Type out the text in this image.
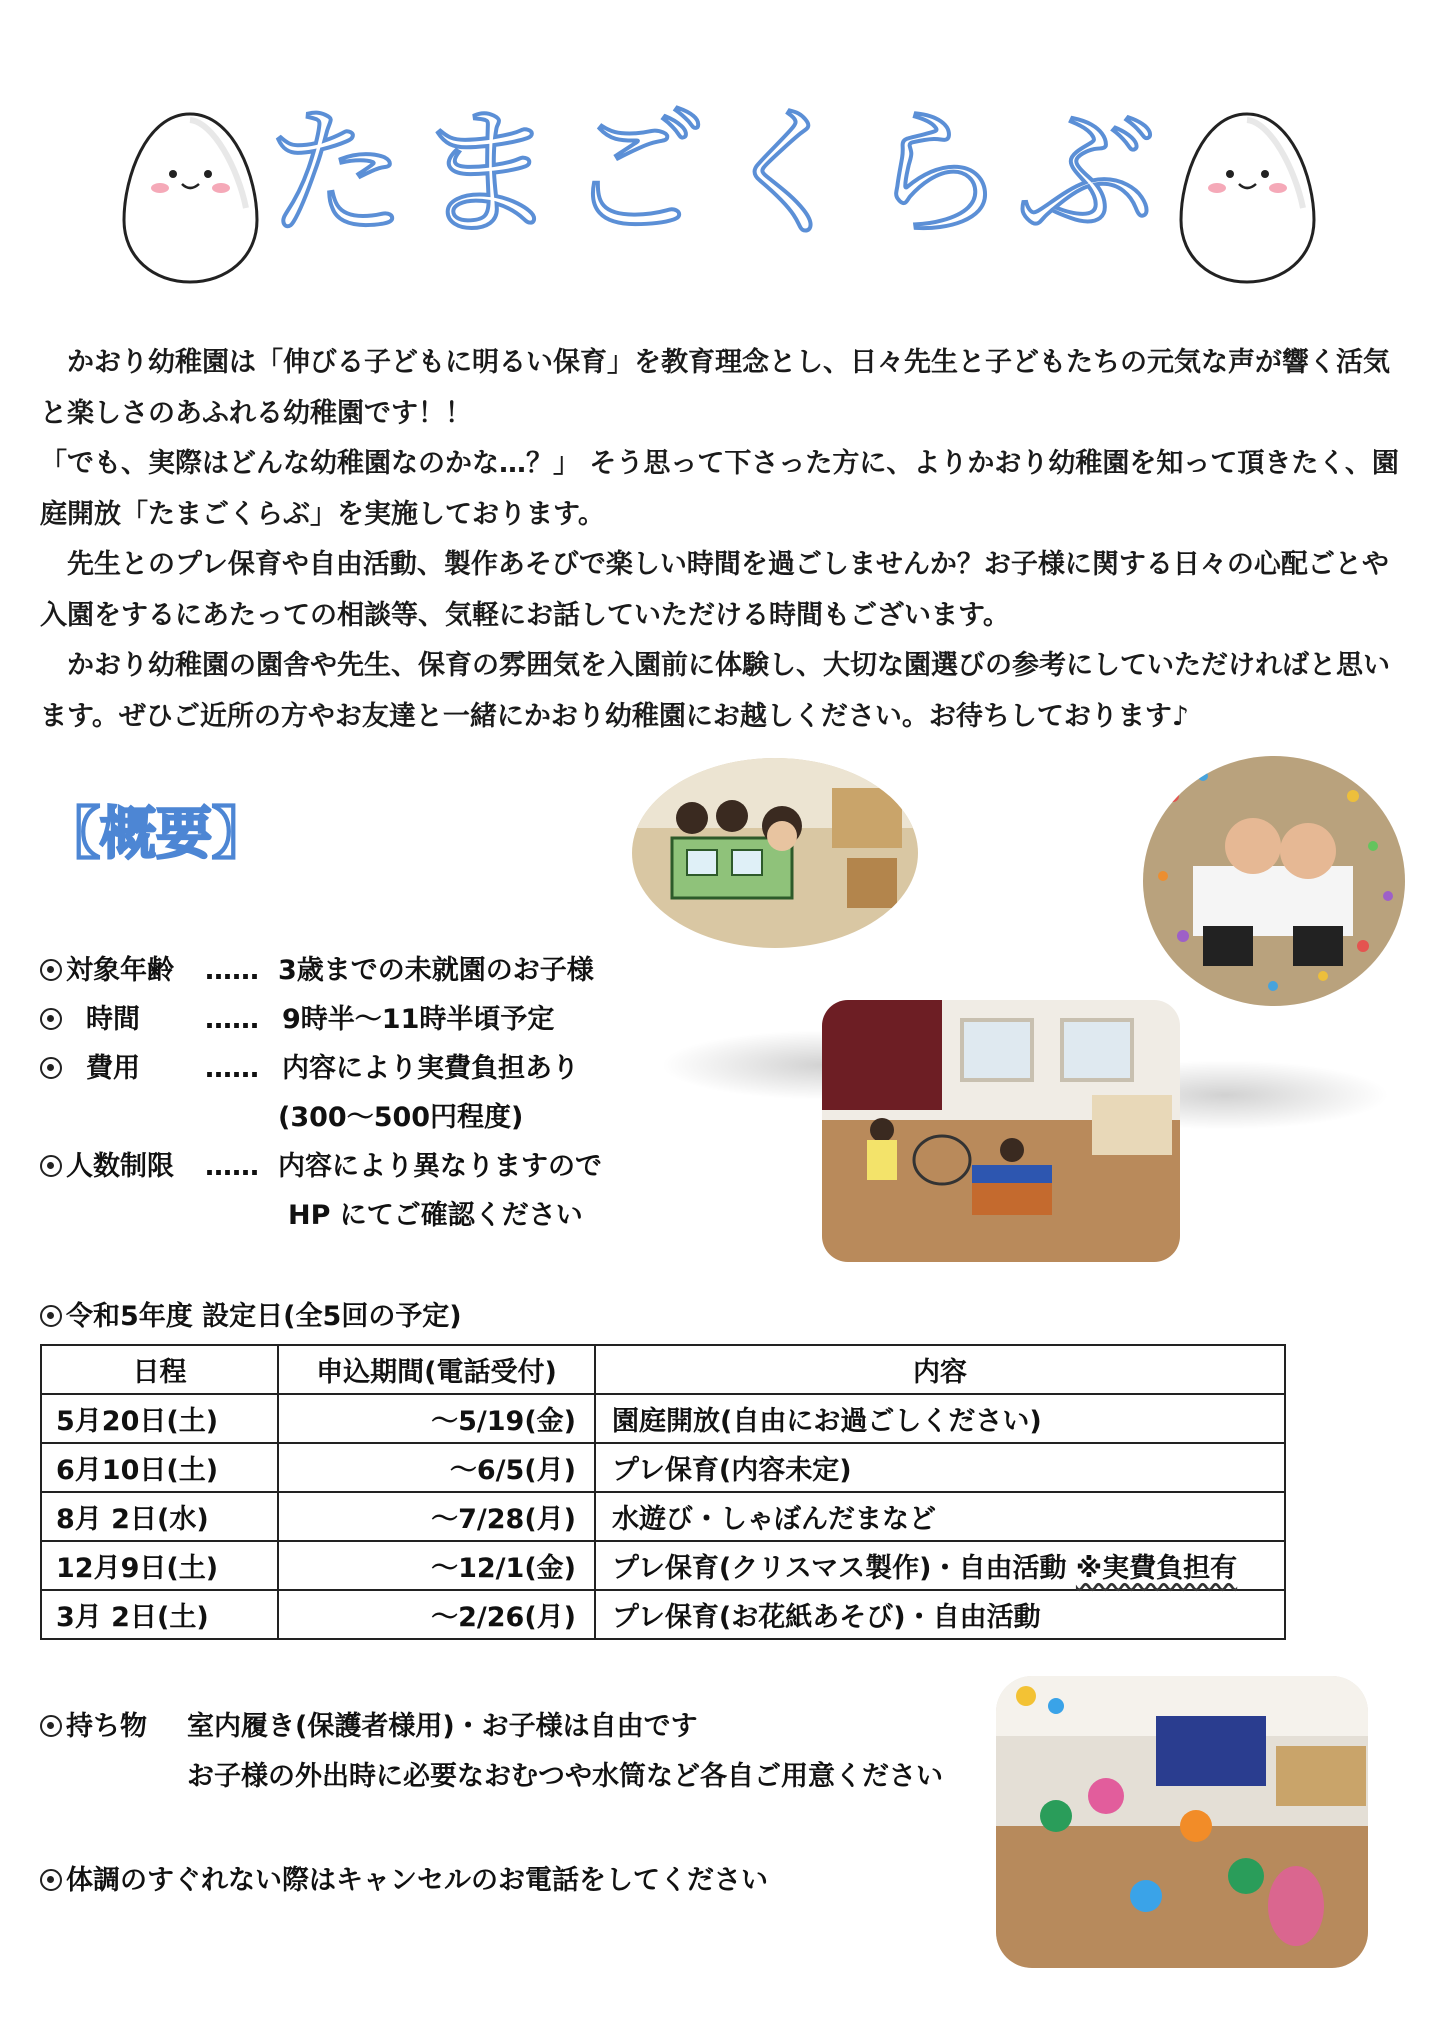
たまごくらぶ

　かおり幼稚園は「伸びる子どもに明るい保育」を教育理念とし、日々先生と子どもたちの元気な声が響く活気と楽しさのあふれる幼稚園です！！

「でも、実際はどんな幼稚園なのかな…？」 そう思って下さった方に、よりかおり幼稚園を知って頂きたく、園庭開放「たまごくらぶ」を実施しております。

　先生とのプレ保育や自由活動、製作あそびで楽しい時間を過ごしませんか？お子様に関する日々の心配ごとや入園をするにあたっての相談等、気軽にお話していただける時間もございます。

　かおり幼稚園の園舎や先生、保育の雰囲気を入園前に体験し、大切な園選びの参考にしていただければと思います。ぜひご近所の方やお友達と一緒にかおり幼稚園にお越しください。お待ちしております♪

【概要】
対象年齢 …… 3歳までの未就園のお子様
時間 …… 9時半～11時半頃予定
費用 …… 内容により実費負担あり
(300～500円程度)
人数制限 …… 内容により異なりますので
HP にてご確認ください
令和5年度 設定日(全5回の予定)
日程	申込期間(電話受付)	内容
5月20日(土)	～5/19(金)	園庭開放(自由にお過ごしください)
6月10日(土)	～6/5(月)	プレ保育(内容未定)
8月 2日(水)	～7/28(月)	水遊び・しゃぼんだまなど
12月9日(土)	～12/1(金)	プレ保育(クリスマス製作)・自由活動 ※実費負担有
3月 2日(土)	～2/26(月)	プレ保育(お花紙あそび)・自由活動
持ち物 室内履き(保護者様用)・お子様は自由です
お子様の外出時に必要なおむつや水筒など各自ご用意ください
体調のすぐれない際はキャンセルのお電話をしてください
